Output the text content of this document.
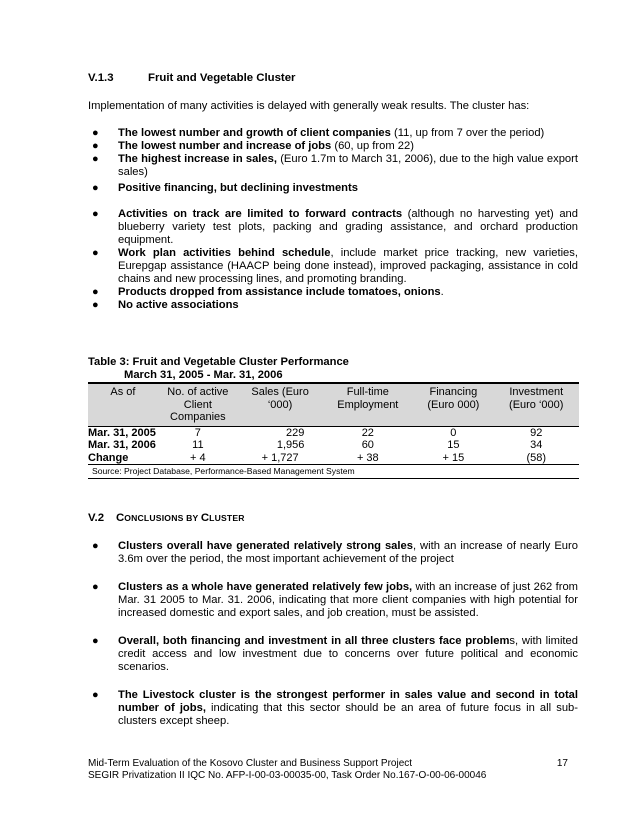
V.1.3	Fruit and Vegetable Cluster
Implementation of many activities is delayed with generally weak results. The cluster has:
● The lowest number and growth of client companies (11, up from 7 over the period)
● The lowest number and increase of jobs (60, up from 22)
● The highest increase in sales, (Euro 1.7m to March 31, 2006), due to the high value export sales)
● Positive financing, but declining investments
● Activities on track are limited to forward contracts (although no harvesting yet) and blueberry variety test plots, packing and grading assistance, and orchard production equipment.
● Work plan activities behind schedule, include market price tracking, new varieties, Eurepgap assistance (HAACP being done instead), improved packaging, assistance in cold chains and new processing lines, and promoting branding.
● Products dropped from assistance include tomatoes, onions.
● No active associations
Table 3: Fruit and Vegetable Cluster Performance
March 31, 2005 - Mar. 31, 2006
As of	No. of active Client Companies	Sales (Euro ‘000)	Full-time Employment	Financing (Euro 000)	Investment (Euro ‘000)
Mar. 31, 2005	7	229	22	0	92
Mar. 31, 2006	11	1,956	60	15	34
Change	+ 4	+ 1,727	+ 38	+ 15	(58)
Source: Project Database, Performance-Based Management System					
V.2 CONCLUSIONS BY CLUSTER
● Clusters overall have generated relatively strong sales, with an increase of nearly Euro 3.6m over the period, the most important achievement of the project
● Clusters as a whole have generated relatively few jobs, with an increase of just 262 from Mar. 31 2005 to Mar. 31. 2006, indicating that more client companies with high potential for increased domestic and export sales, and job creation, must be assisted.
● Overall, both financing and investment in all three clusters face problems, with limited credit access and low investment due to concerns over future political and economic scenarios.
● The Livestock cluster is the strongest performer in sales value and second in total number of jobs, indicating that this sector should be an area of future focus in all sub-clusters except sheep.
Mid-Term Evaluation of the Kosovo Cluster and Business Support Project
SEGIR Privatization II IQC No. AFP-I-00-03-00035-00, Task Order No.167-O-00-06-00046
17
